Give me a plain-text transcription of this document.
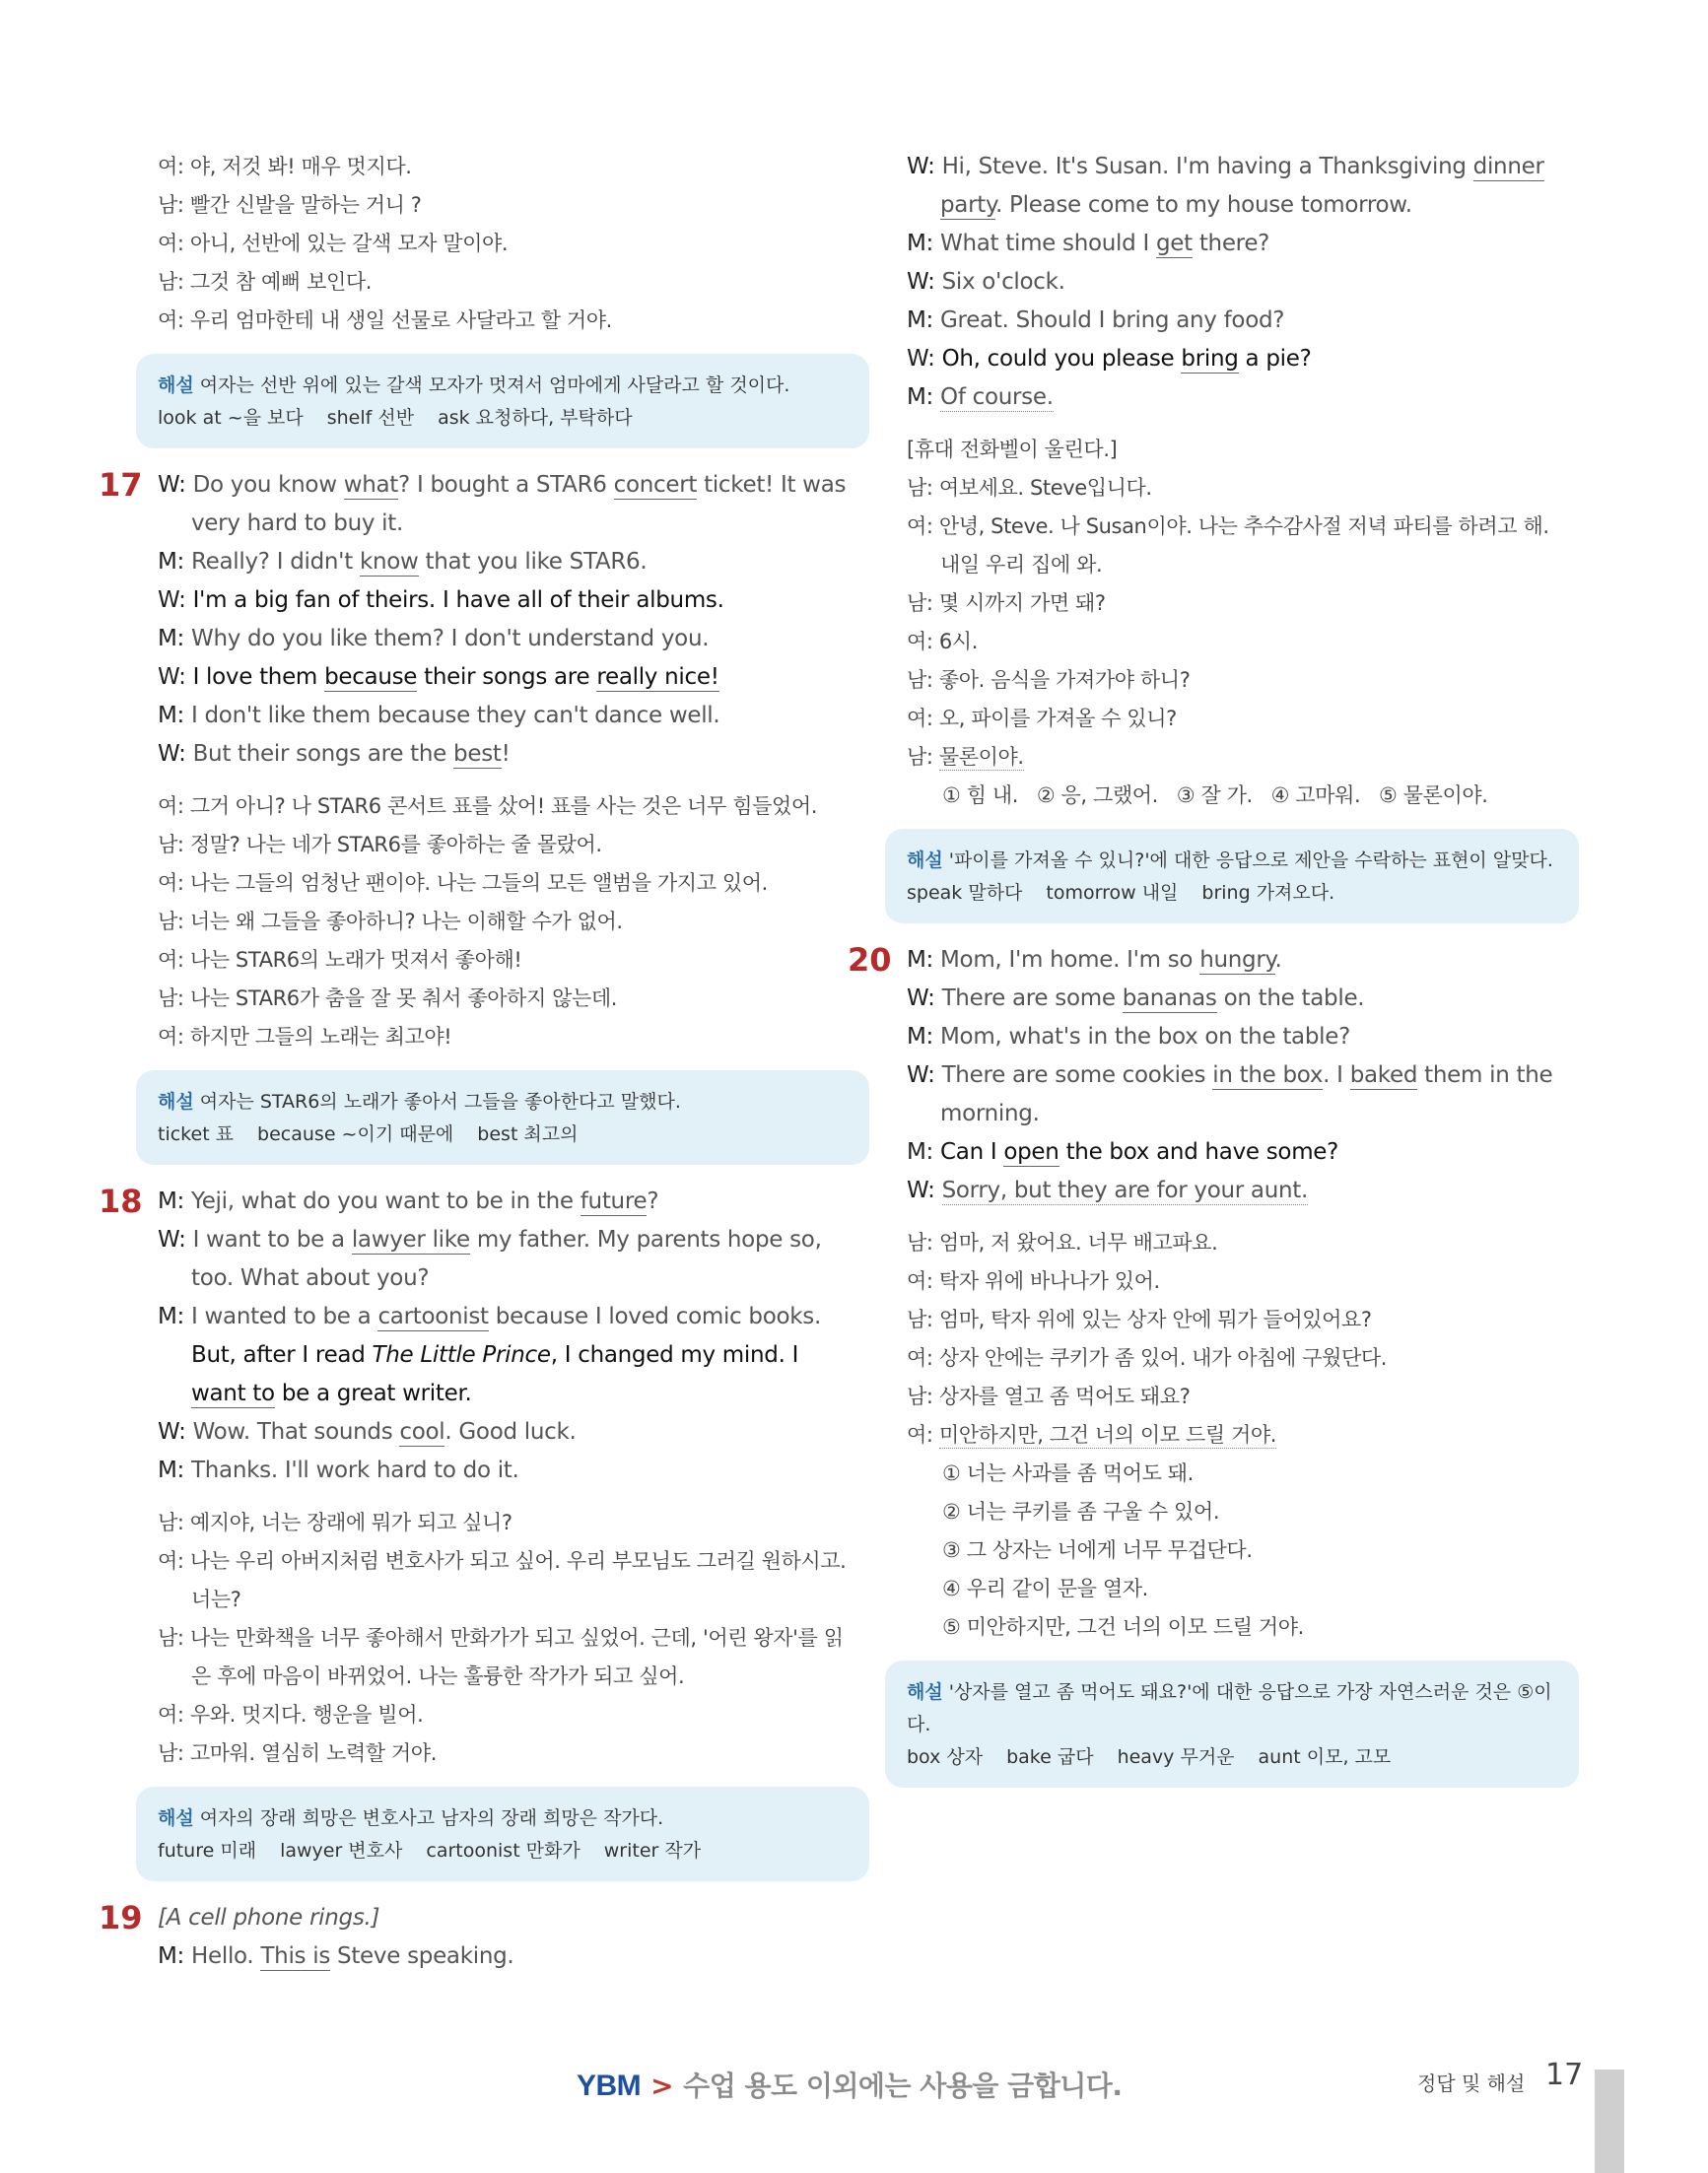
여: 야, 저것 봐! 매우 멋지다.
남: 빨간 신발을 말하는 거니 ?
여: 아니, 선반에 있는 갈색 모자 말이야.
남: 그것 참 예뻐 보인다.
여: 우리 엄마한테 내 생일 선물로 사달라고 할 거야.
해설 여자는 선반 위에 있는 갈색 모자가 멋져서 엄마에게 사달라고 할 것이다.
look at ~을 보다 shelf 선반 ask 요청하다, 부탁하다
17 W: Do you know what? I bought a STAR6 concert ticket! It was very hard to buy it.
M: Really? I didn't know that you like STAR6.
W: I'm a big fan of theirs. I have all of their albums.
M: Why do you like them? I don't understand you.
W: I love them because their songs are really nice!
M: I don't like them because they can't dance well.
W: But their songs are the best!
여: 그거 아니? 나 STAR6 콘서트 표를 샀어! 표를 사는 것은 너무 힘들었어.
남: 정말? 나는 네가 STAR6를 좋아하는 줄 몰랐어.
여: 나는 그들의 엄청난 팬이야. 나는 그들의 모든 앨범을 가지고 있어.
남: 너는 왜 그들을 좋아하니? 나는 이해할 수가 없어.
여: 나는 STAR6의 노래가 멋져서 좋아해!
남: 나는 STAR6가 춤을 잘 못 춰서 좋아하지 않는데.
여: 하지만 그들의 노래는 최고야!
해설 여자는 STAR6의 노래가 좋아서 그들을 좋아한다고 말했다.
ticket 표 because ~이기 때문에 best 최고의
18 M: Yeji, what do you want to be in the future?
W: I want to be a lawyer like my father. My parents hope so, too. What about you?
M: I wanted to be a cartoonist because I loved comic books.
But, after I read The Little Prince, I changed my mind. I
want to be a great writer.
W: Wow. That sounds cool. Good luck.
M: Thanks. I'll work hard to do it.
남: 예지야, 너는 장래에 뭐가 되고 싶니?
여: 나는 우리 아버지처럼 변호사가 되고 싶어. 우리 부모님도 그러길 원하시고. 너는?
남: 나는 만화책을 너무 좋아해서 만화가가 되고 싶었어. 근데, '어린 왕자'를 읽은 후에 마음이 바뀌었어. 나는 훌륭한 작가가 되고 싶어.
여: 우와. 멋지다. 행운을 빌어.
남: 고마워. 열심히 노력할 거야.
해설 여자의 장래 희망은 변호사고 남자의 장래 희망은 작가다.
future 미래 lawyer 변호사 cartoonist 만화가 writer 작가
19 [A cell phone rings.]
M: Hello. This is Steve speaking.
W: Hi, Steve. It's Susan. I'm having a Thanksgiving dinner party. Please come to my house tomorrow.
M: What time should I get there?
W: Six o'clock.
M: Great. Should I bring any food?
W: Oh, could you please bring a pie?
M: Of course.
[휴대 전화벨이 울린다.]
남: 여보세요. Steve입니다.
여: 안녕, Steve. 나 Susan이야. 나는 추수감사절 저녁 파티를 하려고 해. 내일 우리 집에 와.
남: 몇 시까지 가면 돼?
여: 6시.
남: 좋아. 음식을 가져가야 하니?
여: 오, 파이를 가져올 수 있니?
남: 물론이야.
① 힘 내.   ② 응, 그랬어.   ③ 잘 가.   ④ 고마워.   ⑤ 물론이야.
해설 '파이를 가져올 수 있니?'에 대한 응답으로 제안을 수락하는 표현이 알맞다.
speak 말하다 tomorrow 내일 bring 가져오다.
20 M: Mom, I'm home. I'm so hungry.
W: There are some bananas on the table.
M: Mom, what's in the box on the table?
W: There are some cookies in the box. I baked them in the morning.
M: Can I open the box and have some?
W: Sorry, but they are for your aunt.
남: 엄마, 저 왔어요. 너무 배고파요.
여: 탁자 위에 바나나가 있어.
남: 엄마, 탁자 위에 있는 상자 안에 뭐가 들어있어요?
여: 상자 안에는 쿠키가 좀 있어. 내가 아침에 구웠단다.
남: 상자를 열고 좀 먹어도 돼요?
여: 미안하지만, 그건 너의 이모 드릴 거야.
① 너는 사과를 좀 먹어도 돼.
② 너는 쿠키를 좀 구울 수 있어.
③ 그 상자는 너에게 너무 무겁단다.
④ 우리 같이 문을 열자.
⑤ 미안하지만, 그건 너의 이모 드릴 거야.
해설 '상자를 열고 좀 먹어도 돼요?'에 대한 응답으로 가장 자연스러운 것은 ⑤이다.
box 상자 bake 굽다 heavy 무거운 aunt 이모, 고모
YBM > 수업 용도 이외에는 사용을 금합니다.	정답 및 해설 17
